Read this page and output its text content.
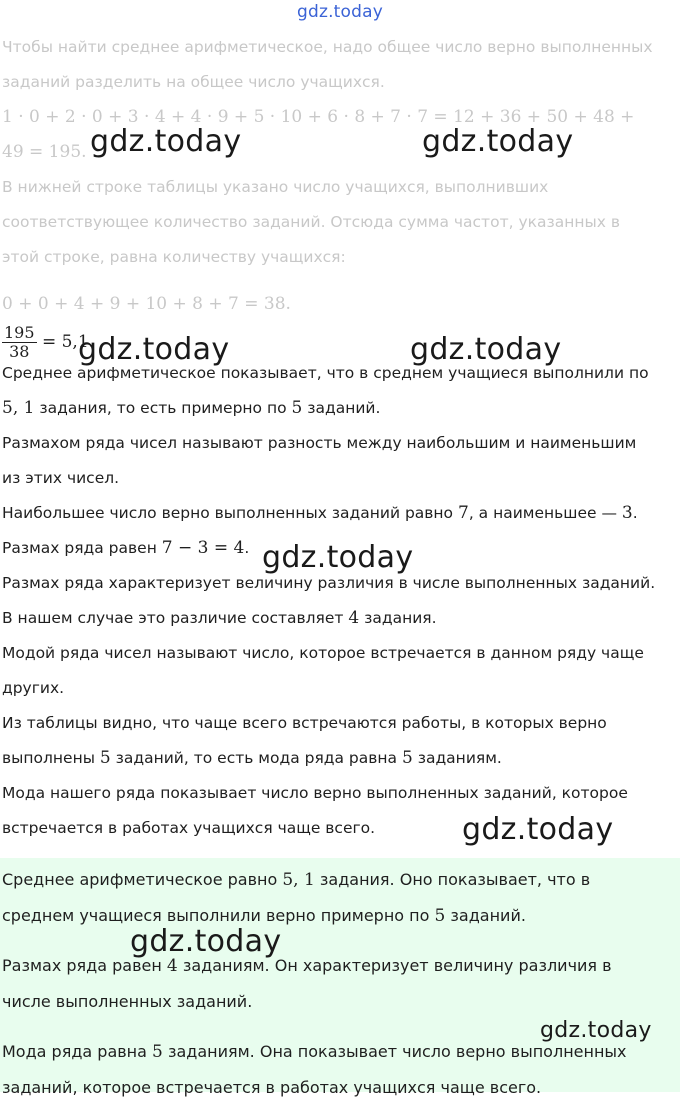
gdz.today
Чтобы найти среднее арифметическое, надо общее число верно выполненных
заданий разделить на общее число учащихся.
1 · 0 + 2 · 0 + 3 · 4 + 4 · 9 + 5 · 10 + 6 · 8 + 7 · 7 = 12 + 36 + 50 + 48 +
49 = 195.
В нижней строке таблицы указано число учащихся, выполнивших
соответствующее количество заданий. Отсюда сумма частот, указанных в
этой строке, равна количеству учащихся:
0 + 0 + 4 + 9 + 10 + 8 + 7 = 38.
$\frac{195}{38} = 5,1$.
Среднее арифметическое показывает, что в среднем учащиеся выполнили по
5, 1 задания, то есть примерно по 5 заданий.
Размахом ряда чисел называют разность между наибольшим и наименьшим
из этих чисел.
Наибольшее число верно выполненных заданий равно 7, а наименьшее — 3.
Размах ряда равен 7 − 3 = 4.
Размах ряда характеризует величину различия в числе выполненных заданий.
В нашем случае это различие составляет 4 задания.
Модой ряда чисел называют число, которое встречается в данном ряду чаще
других.
Из таблицы видно, что чаще всего встречаются работы, в которых верно
выполнены 5 заданий, то есть мода ряда равна 5 заданиям.
Мода нашего ряда показывает число верно выполненных заданий, которое
встречается в работах учащихся чаще всего.
Среднее арифметическое равно 5, 1 задания. Оно показывает, что в
среднем учащиеся выполнили верно примерно по 5 заданий.
Размах ряда равен 4 заданиям. Он характеризует величину различия в
числе выполненных заданий.
Мода ряда равна 5 заданиям. Она показывает число верно выполненных
заданий, которое встречается в работах учащихся чаще всего.
gdz.today	gdz.today
gdz.today	gdz.today
gdz.today
gdz.today
gdz.today
gdz.today
